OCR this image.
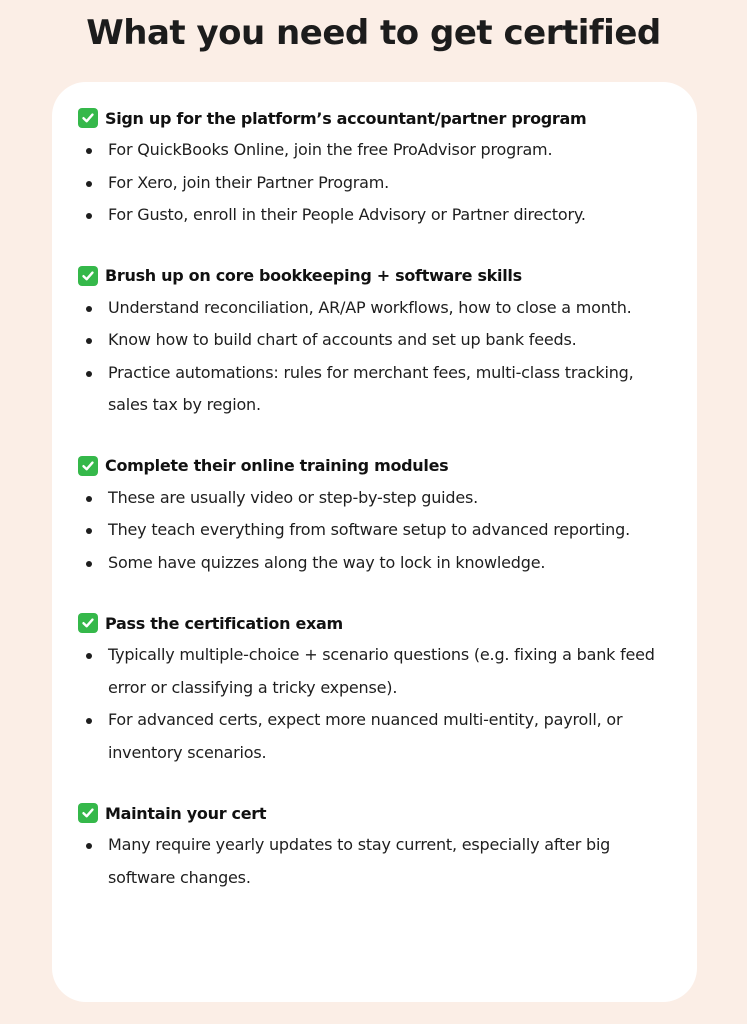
What you need to get certified
Sign up for the platform’s accountant/partner program
For QuickBooks Online, join the free ProAdvisor program.
For Xero, join their Partner Program.
For Gusto, enroll in their People Advisory or Partner directory.
Brush up on core bookkeeping + software skills
Understand reconciliation, AR/AP workflows, how to close a month.
Know how to build chart of accounts and set up bank feeds.
Practice automations: rules for merchant fees, multi-class tracking, sales tax by region.
Complete their online training modules
These are usually video or step-by-step guides.
They teach everything from software setup to advanced reporting.
Some have quizzes along the way to lock in knowledge.
Pass the certification exam
Typically multiple-choice + scenario questions (e.g. fixing a bank feed error or classifying a tricky expense).
For advanced certs, expect more nuanced multi-entity, payroll, or inventory scenarios.
Maintain your cert
Many require yearly updates to stay current, especially after big software changes.
